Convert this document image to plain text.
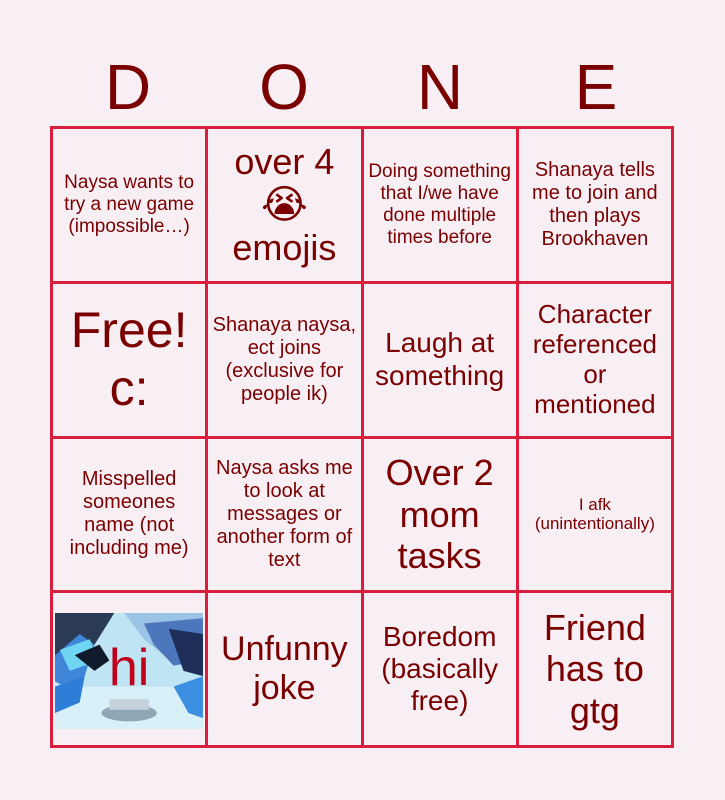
D	O	N	E
Naysa wants to try a new game (impossible…)
over 4
😭
emojis
Doing something that I/we have done multiple times before
Shanaya tells me to join and then plays Brookhaven
Free! c:
Shanaya naysa, ect joins (exclusive for people ik)
Laugh at something
Character referenced or mentioned
Misspelled someones name (not including me)
Naysa asks me to look at messages or another form of text
Over 2 mom tasks
I afk (unintentionally)
hi	Unfunny joke
Boredom (basically free)
Friend has to gtg
